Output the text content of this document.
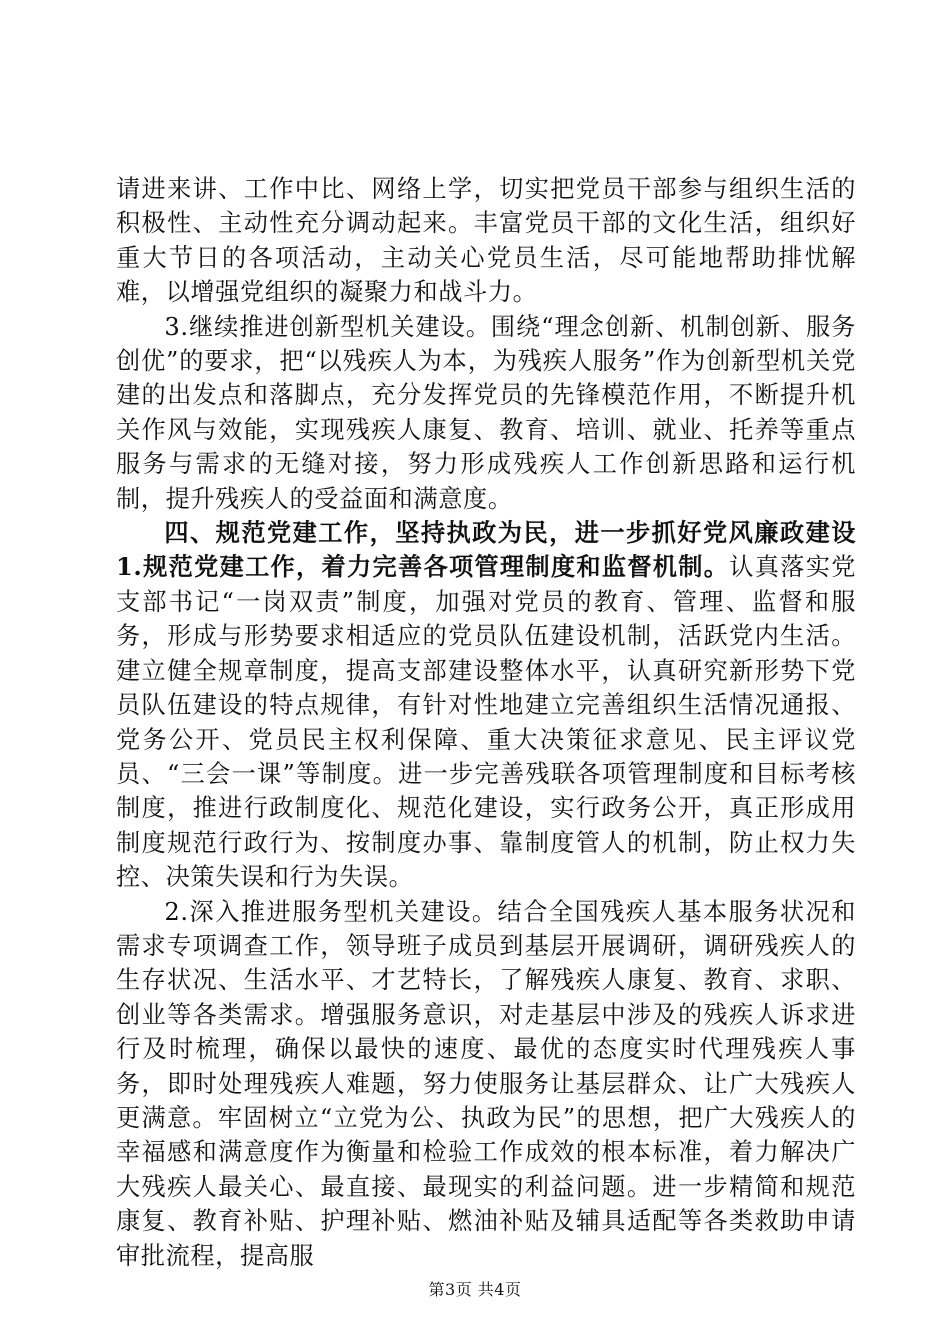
请进来讲、工作中比、网络上学，切实把党员干部参与组织生活的积极性、主动性充分调动起来。丰富党员干部的文化生活，组织好重大节日的各项活动，主动关心党员生活，尽可能地帮助排忧解难，以增强党组织的凝聚力和战斗力。

3.继续推进创新型机关建设。围绕“理念创新、机制创新、服务创优”的要求，把“以残疾人为本，为残疾人服务”作为创新型机关党建的出发点和落脚点，充分发挥党员的先锋模范作用，不断提升机关作风与效能，实现残疾人康复、教育、培训、就业、托养等重点服务与需求的无缝对接，努力形成残疾人工作创新思路和运行机制，提升残疾人的受益面和满意度。

四、规范党建工作，坚持执政为民，进一步抓好党风廉政建设 1.规范党建工作，着力完善各项管理制度和监督机制。认真落实党支部书记“一岗双责”制度，加强对党员的教育、管理、监督和服务，形成与形势要求相适应的党员队伍建设机制，活跃党内生活。建立健全规章制度，提高支部建设整体水平，认真研究新形势下党员队伍建设的特点规律，有针对性地建立完善组织生活情况通报、党务公开、党员民主权利保障、重大决策征求意见、民主评议党员、“三会一课”等制度。进一步完善残联各项管理制度和目标考核制度，推进行政制度化、规范化建设，实行政务公开，真正形成用制度规范行政行为、按制度办事、靠制度管人的机制，防止权力失控、决策失误和行为失误。

2.深入推进服务型机关建设。结合全国残疾人基本服务状况和需求专项调查工作，领导班子成员到基层开展调研，调研残疾人的生存状况、生活水平、才艺特长，了解残疾人康复、教育、求职、创业等各类需求。增强服务意识，对走基层中涉及的残疾人诉求进行及时梳理，确保以最快的速度、最优的态度实时代理残疾人事务，即时处理残疾人难题，努力使服务让基层群众、让广大残疾人更满意。牢固树立“立党为公、执政为民”的思想，把广大残疾人的幸福感和满意度作为衡量和检验工作成效的根本标准，着力解决广大残疾人最关心、最直接、最现实的利益问题。进一步精简和规范康复、教育补贴、护理补贴、燃油补贴及辅具适配等各类救助申请审批流程，提高服

第3页 共4页
